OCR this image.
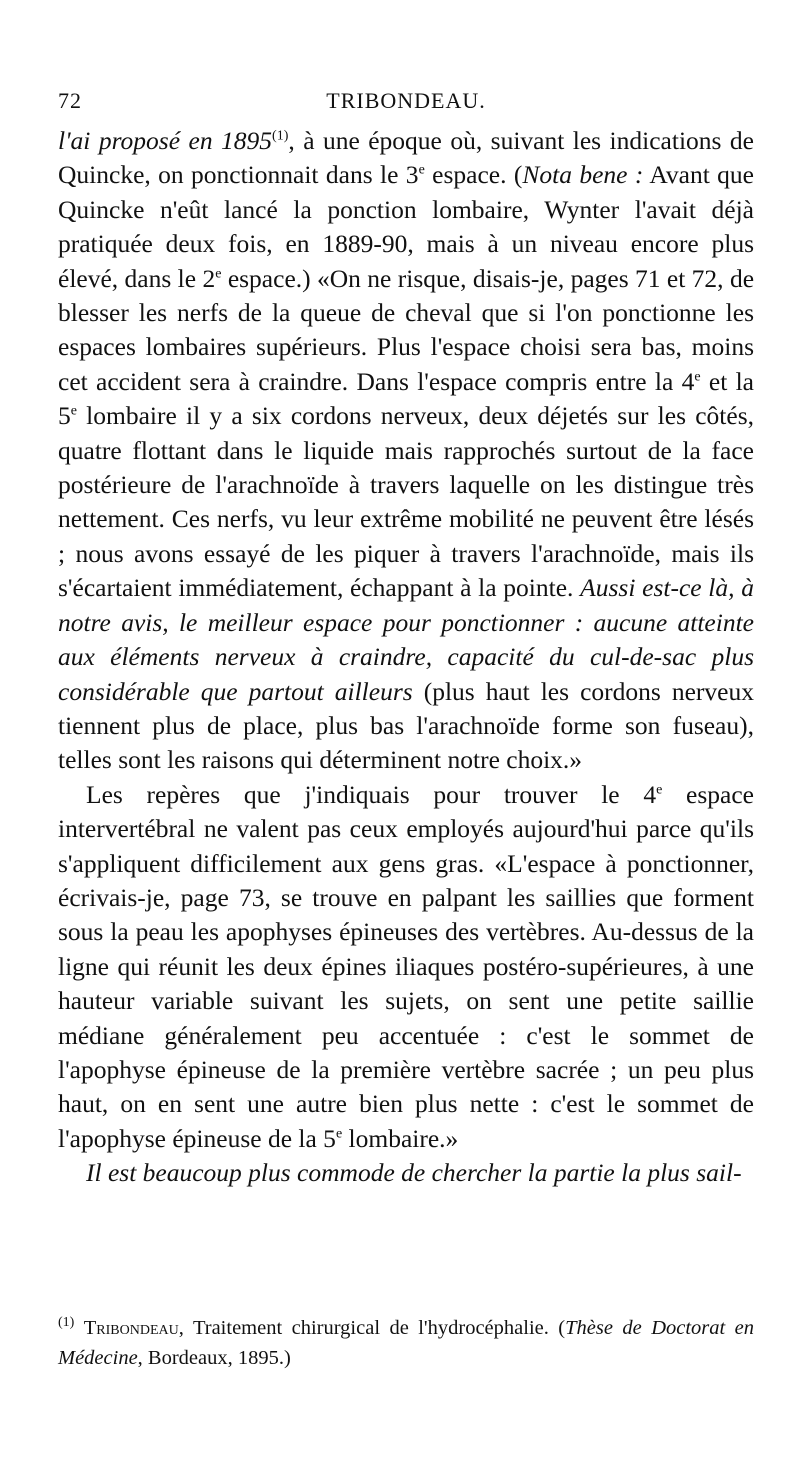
72	TRIBONDEAU.

l'ai proposé en 1895$^{(1)}$, à une époque où, suivant les indications de Quincke, on ponctionnait dans le 3e espace. (Nota bene : Avant que Quincke n'eût lancé la ponction lombaire, Wynter l'avait déjà pratiquée deux fois, en 1889-90, mais à un niveau encore plus élevé, dans le 2e espace.) «On ne risque, disais-je, pages 71 et 72, de blesser les nerfs de la queue de cheval que si l'on ponctionne les espaces lombaires supérieurs. Plus l'espace choisi sera bas, moins cet accident sera à craindre. Dans l'espace compris entre la 4e et la 5e lombaire il y a six cordons nerveux, deux déjetés sur les côtés, quatre flottant dans le liquide mais rapprochés surtout de la face postérieure de l'arachnoïde à travers laquelle on les distingue très nettement. Ces nerfs, vu leur extrême mobilité ne peuvent être lésés ; nous avons essayé de les piquer à travers l'arachnoïde, mais ils s'écartaient immédiatement, échappant à la pointe. Aussi est-ce là, à notre avis, le meilleur espace pour ponctionner : aucune atteinte aux éléments nerveux à craindre, capacité du cul-de-sac plus considérable que partout ailleurs (plus haut les cordons nerveux tiennent plus de place, plus bas l'arachnoïde forme son fuseau), telles sont les raisons qui déterminent notre choix.»

Les repères que j'indiquais pour trouver le 4e espace intervertébral ne valent pas ceux employés aujourd'hui parce qu'ils s'appliquent difficilement aux gens gras. «L'espace à ponctionner, écrivais-je, page 73, se trouve en palpant les saillies que forment sous la peau les apophyses épineuses des vertèbres. Au-dessus de la ligne qui réunit les deux épines iliaques postéro-supérieures, à une hauteur variable suivant les sujets, on sent une petite saillie médiane généralement peu accentuée : c'est le sommet de l'apophyse épineuse de la première vertèbre sacrée ; un peu plus haut, on en sent une autre bien plus nette : c'est le sommet de l'apophyse épineuse de la 5e lombaire.»

Il est beaucoup plus commode de chercher la partie la plus sail-

$^{(1)}$ Tribondeau, Traitement chirurgical de l'hydrocéphalie. (Thèse de Doctorat en Médecine, Bordeaux, 1895.)
